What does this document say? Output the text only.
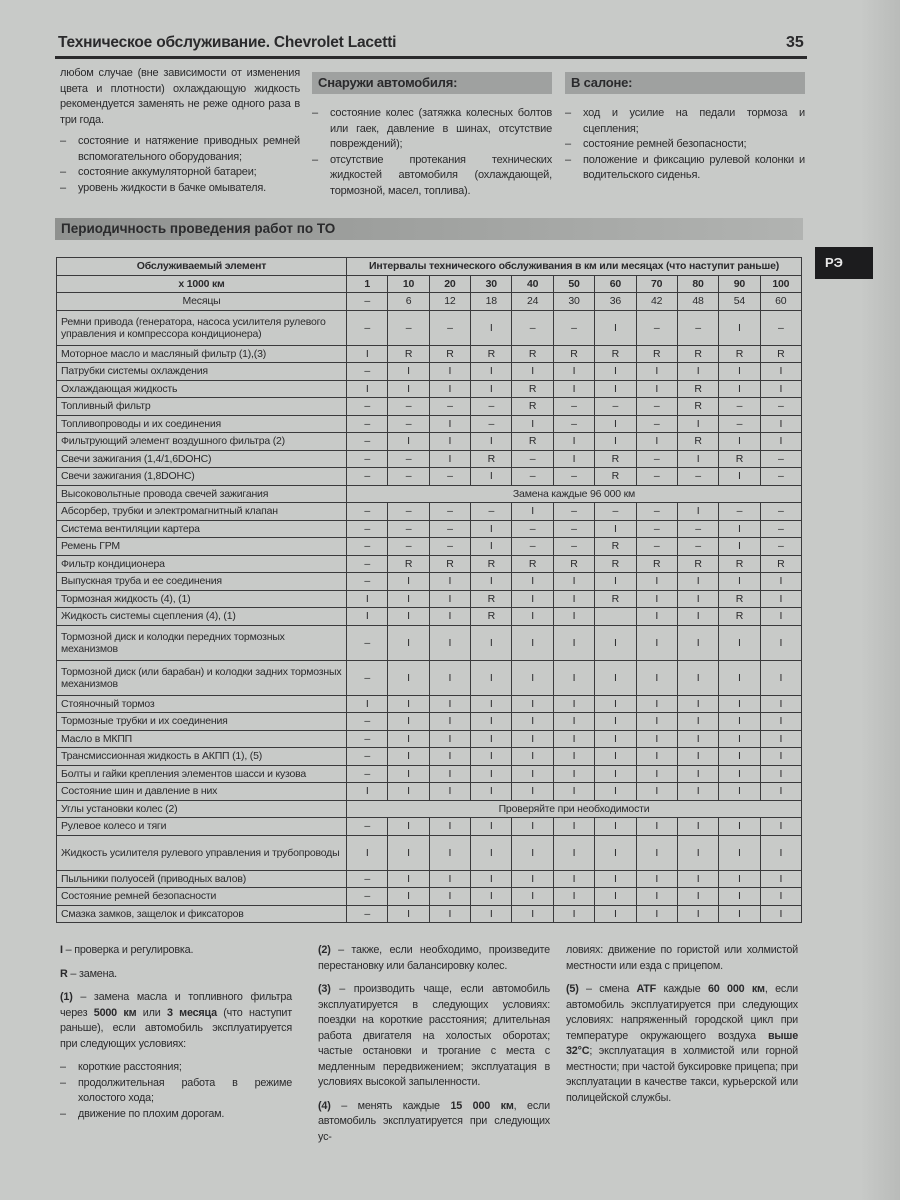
Техническое обслуживание. Chevrolet Lacetti	35

любом случае (вне зависимости от изменения цвета и плотности) охлаждающую жидкость рекомендуется заменять не реже одного раза в три года.

–	состояние и натяжение приводных ремней вспомогательного оборудования;
–	состояние аккумуляторной батареи;
–	уровень жидкости в бачке омывателя.
Снаружи автомобиля:
–	состояние колес (затяжка колесных болтов или гаек, давление в шинах, отсутствие повреждений);
–	отсутствие протекания технических жидкостей автомобиля (охлаждающей, тормозной, масел, топлива).
В салоне:
–	ход и усилие на педали тормоза и сцепления;
–	состояние ремней безопасности;
–	положение и фиксацию рулевой колонки и водительского сиденья.
Периодичность проведения работ по ТО
РЭ
Обслуживаемый элемент	Интервалы технического обслуживания в км или месяцах (что наступит раньше)										
x 1000 км	1	10	20	30	40	50	60	70	80	90	100
Месяцы	–	6	12	18	24	30	36	42	48	54	60
Ремни привода (генератора, насоса усилителя рулевого управления и компрессора кондиционера)	–	–	–	I	–	–	I	–	–	I	–
Моторное масло и масляный фильтр (1),(3)	I	R	R	R	R	R	R	R	R	R	R
Патрубки системы охлаждения	–	I	I	I	I	I	I	I	I	I	I
Охлаждающая жидкость	I	I	I	I	R	I	I	I	R	I	I
Топливный фильтр	–	–	–	–	R	–	–	–	R	–	–
Топливопроводы и их соединения	–	–	I	–	I	–	I	–	I	–	I
Фильтрующий элемент воздушного фильтра (2)	–	I	I	I	R	I	I	I	R	I	I
Свечи зажигания (1,4/1,6DOHC)	–	–	I	R	–	I	R	–	I	R	–
Свечи зажигания (1,8DOHC)	–	–	–	I	–	–	R	–	–	I	–
Высоковольтные провода свечей зажигания	Замена каждые 96 000 км										
Абсорбер, трубки и электромагнитный клапан	–	–	–	–	I	–	–	–	I	–	–
Система вентиляции картера	–	–	–	I	–	–	I	–	–	I	–
Ремень ГРМ	–	–	–	I	–	–	R	–	–	I	–
Фильтр кондиционера	–	R	R	R	R	R	R	R	R	R	R
Выпускная труба и ее соединения	–	I	I	I	I	I	I	I	I	I	I
Тормозная жидкость (4), (1)	I	I	I	R	I	I	R	I	I	R	I
Жидкость системы сцепления (4), (1)	I	I	I	R	I	I		I	I	R	I
Тормозной диск и колодки передних тормозных механизмов	–	I	I	I	I	I	I	I	I	I	I
Тормозной диск (или барабан) и колодки задних тормозных механизмов	–	I	I	I	I	I	I	I	I	I	I
Стояночный тормоз	I	I	I	I	I	I	I	I	I	I	I
Тормозные трубки и их соединения	–	I	I	I	I	I	I	I	I	I	I
Масло в МКПП	–	I	I	I	I	I	I	I	I	I	I
Трансмиссионная жидкость в АКПП (1), (5)	–	I	I	I	I	I	I	I	I	I	I
Болты и гайки крепления элементов шасси и кузова	–	I	I	I	I	I	I	I	I	I	I
Состояние шин и давление в них	I	I	I	I	I	I	I	I	I	I	I
Углы установки колес (2)	Проверяйте при необходимости										
Рулевое колесо и тяги	–	I	I	I	I	I	I	I	I	I	I
Жидкость усилителя рулевого управления и трубопроводы	I	I	I	I	I	I	I	I	I	I	I
Пыльники полуосей (приводных валов)	–	I	I	I	I	I	I	I	I	I	I
Состояние ремней безопасности	–	I	I	I	I	I	I	I	I	I	I
Смазка замков, защелок и фиксаторов	–	I	I	I	I	I	I	I	I	I	I

I – проверка и регулировка.

R – замена.

(1) – замена масла и топливного фильтра через 5000 км или 3 месяца (что наступит раньше), если автомобиль эксплуатируется при следующих условиях:

–	короткие расстояния;
–	продолжительная работа в режиме холостого хода;
–	движение по плохим дорогам.

(2) – также, если необходимо, произведите перестановку или балансировку колес.

(3) – производить чаще, если автомобиль эксплуатируется в следующих условиях: поездки на короткие расстояния; длительная работа двигателя на холостых оборотах; частые остановки и трогание с места с медленным передвижением; эксплуатация в условиях высокой запыленности.

(4) – менять каждые 15 000 км, если автомобиль эксплуатируется при следующих ус-

ловиях: движение по гористой или холмистой местности или езда с прицепом.

(5) – смена ATF каждые 60 000 км, если автомобиль эксплуатируется при следующих условиях: напряженный городской цикл при температуре окружающего воздуха выше 32°C; эксплуатация в холмистой или горной местности; при частой буксировке прицепа; при эксплуатации в качестве такси, курьерской или полицейской службы.
